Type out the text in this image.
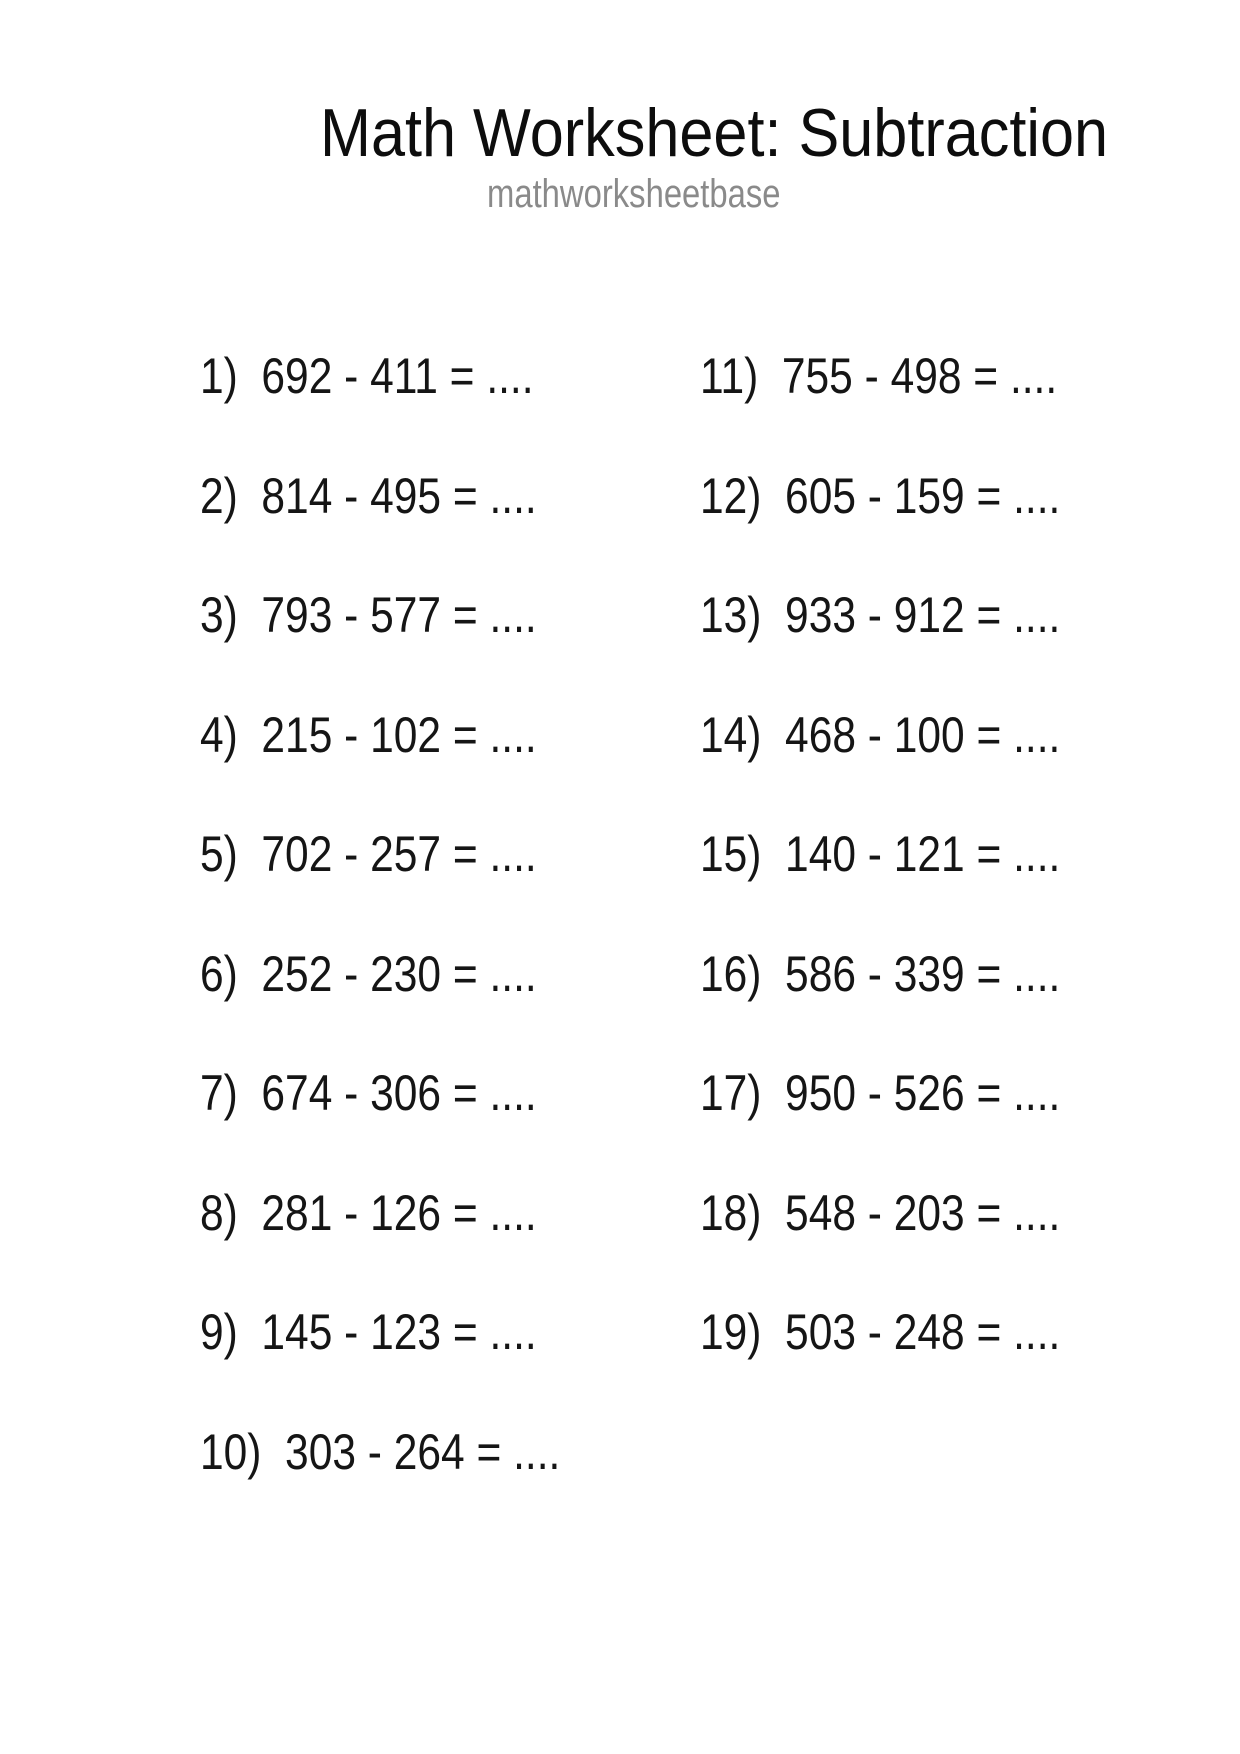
Math Worksheet: Subtraction
mathworksheetbase
1) 692 - 411 = ....
2) 814 - 495 = ....
3) 793 - 577 = ....
4) 215 - 102 = ....
5) 702 - 257 = ....
6) 252 - 230 = ....
7) 674 - 306 = ....
8) 281 - 126 = ....
9) 145 - 123 = ....
10) 303 - 264 = ....
11) 755 - 498 = ....
12) 605 - 159 = ....
13) 933 - 912 = ....
14) 468 - 100 = ....
15) 140 - 121 = ....
16) 586 - 339 = ....
17) 950 - 526 = ....
18) 548 - 203 = ....
19) 503 - 248 = ....
